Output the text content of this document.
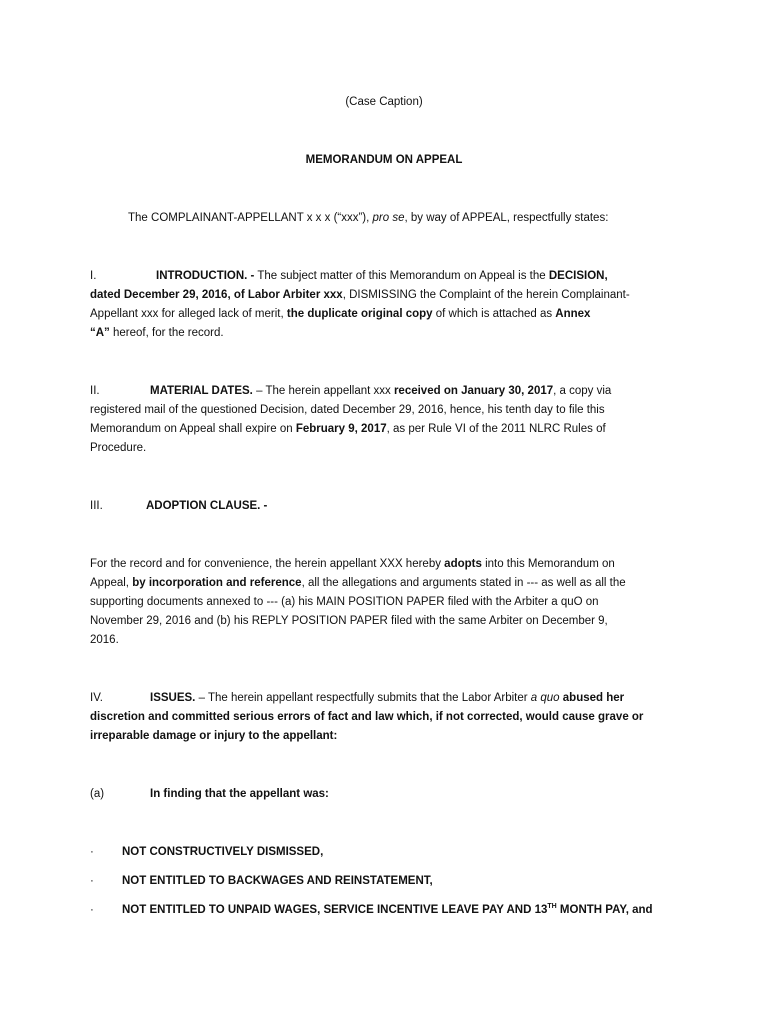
(Case Caption)
MEMORANDUM ON APPEAL
The COMPLAINANT-APPELLANT x x x (“xxx”), pro se, by way of APPEAL, respectfully states:
I.	INTRODUCTION. - The subject matter of this Memorandum on Appeal is the DECISION,
dated December 29, 2016, of Labor Arbiter xxx, DISMISSING the Complaint of the herein Complainant-
Appellant xxx for alleged lack of merit, the duplicate original copy of which is attached as Annex
“A” hereof, for the record.
II.	MATERIAL DATES. – The herein appellant xxx received on January 30, 2017, a copy via
registered mail of the questioned Decision, dated December 29, 2016, hence, his tenth day to file this
Memorandum on Appeal shall expire on February 9, 2017, as per Rule VI of the 2011 NLRC Rules of
Procedure.
III.	ADOPTION CLAUSE. -
For the record and for convenience, the herein appellant XXX hereby adopts into this Memorandum on
Appeal, by incorporation and reference, all the allegations and arguments stated in --- as well as all the
supporting documents annexed to --- (a) his MAIN POSITION PAPER filed with the Arbiter a quO on
November 29, 2016 and (b) his REPLY POSITION PAPER filed with the same Arbiter on December 9,
2016.
IV.	ISSUES. – The herein appellant respectfully submits that the Labor Arbiter a quo abused her
discretion and committed serious errors of fact and law which, if not corrected, would cause grave or
irreparable damage or injury to the appellant:
(a)	In finding that the appellant was:
· NOT CONSTRUCTIVELY DISMISSED,
· NOT ENTITLED TO BACKWAGES AND REINSTATEMENT,
· NOT ENTITLED TO UNPAID WAGES, SERVICE INCENTIVE LEAVE PAY AND 13TH MONTH PAY, and
